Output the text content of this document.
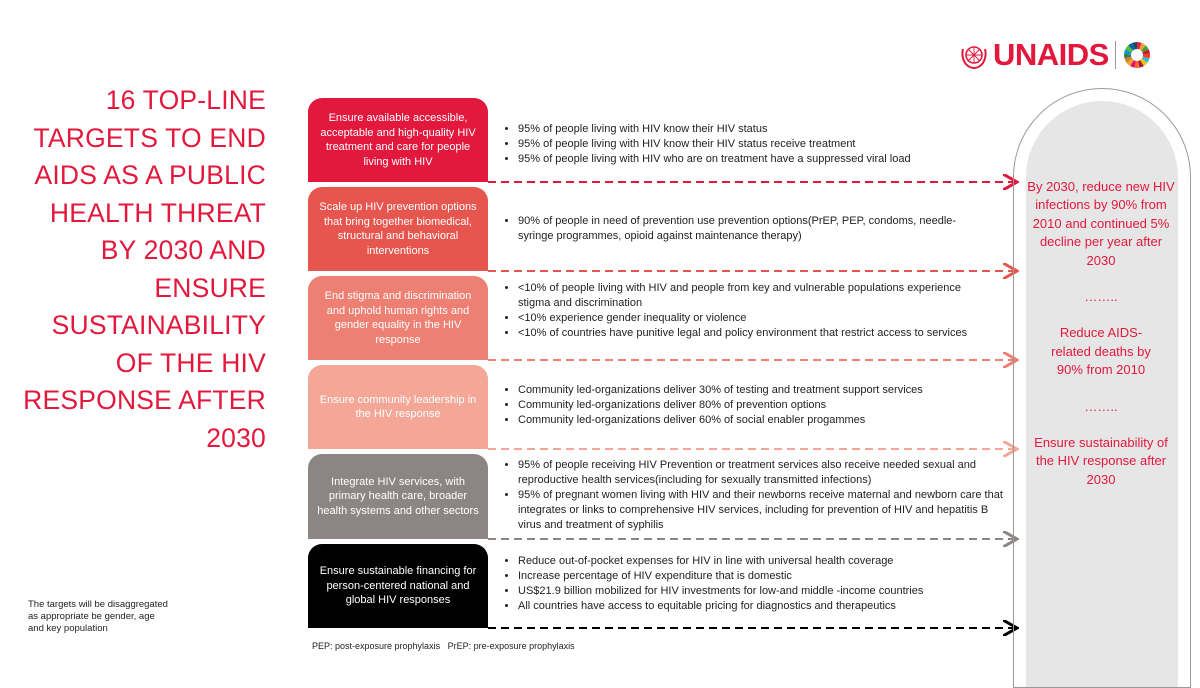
16 TOP-LINE TARGETS TO END AIDS AS A PUBLIC HEALTH THREAT BY 2030 AND ENSURE SUSTAINABILITY OF THE HIV RESPONSE AFTER 2030
UNAIDS
Ensure available accessible, acceptable and high-quality HIV treatment and care for people living with HIV
Scale up HIV prevention options that bring together biomedical, structural and behavioral interventions
End stigma and discrimination and uphold human rights and gender equality in the HIV response
Ensure community leadership in the HIV response
Integrate HIV services, with primary health care, broader health systems and other sectors
Ensure sustainable financing for person-centered national and global HIV responses
• 95% of people living with HIV know their HIV status
• 95% of people living with HIV know their HIV status receive treatment
• 95% of people living with HIV who are on treatment have a suppressed viral load
• 90% of people in need of prevention use prevention options(PrEP, PEP, condoms, needle-syringe programmes, opioid against maintenance therapy)
• <10% of people living with HIV and people from key and vulnerable populations experience stigma and discrimination
• <10% experience gender inequality or violence
• <10% of countries have punitive legal and policy environment that restrict access to services
• Community led-organizations deliver 30% of testing and treatment support services
• Community led-organizations deliver 80% of prevention options
• Community led-organizations deliver 60% of social enabler progammes
• 95% of people receiving HIV Prevention or treatment services also receive needed sexual and reproductive health services(including for sexually transmitted infections)
• 95% of pregnant women living with HIV and their newborns receive maternal and newborn care that integrates or links to comprehensive HIV services, including for prevention of HIV and hepatitis B virus and treatment of syphilis
• Reduce out-of-pocket expenses for HIV in line with universal health coverage
• Increase percentage of HIV expenditure that is domestic
• US$21.9 billion mobilized for HIV investments for low-and middle -income countries
• All countries have access to equitable pricing for diagnostics and therapeutics

By 2030, reduce new HIV infections by 90% from 2010 and continued 5% decline per year after 2030

……..

Reduce AIDS-related deaths by 90% from 2010

……..

Ensure sustainability of the HIV response after 2030

The targets will be disaggregated as appropriate be gender, age and key population
PEP: post-exposure prophylaxis   PrEP: pre-exposure prophylaxis
